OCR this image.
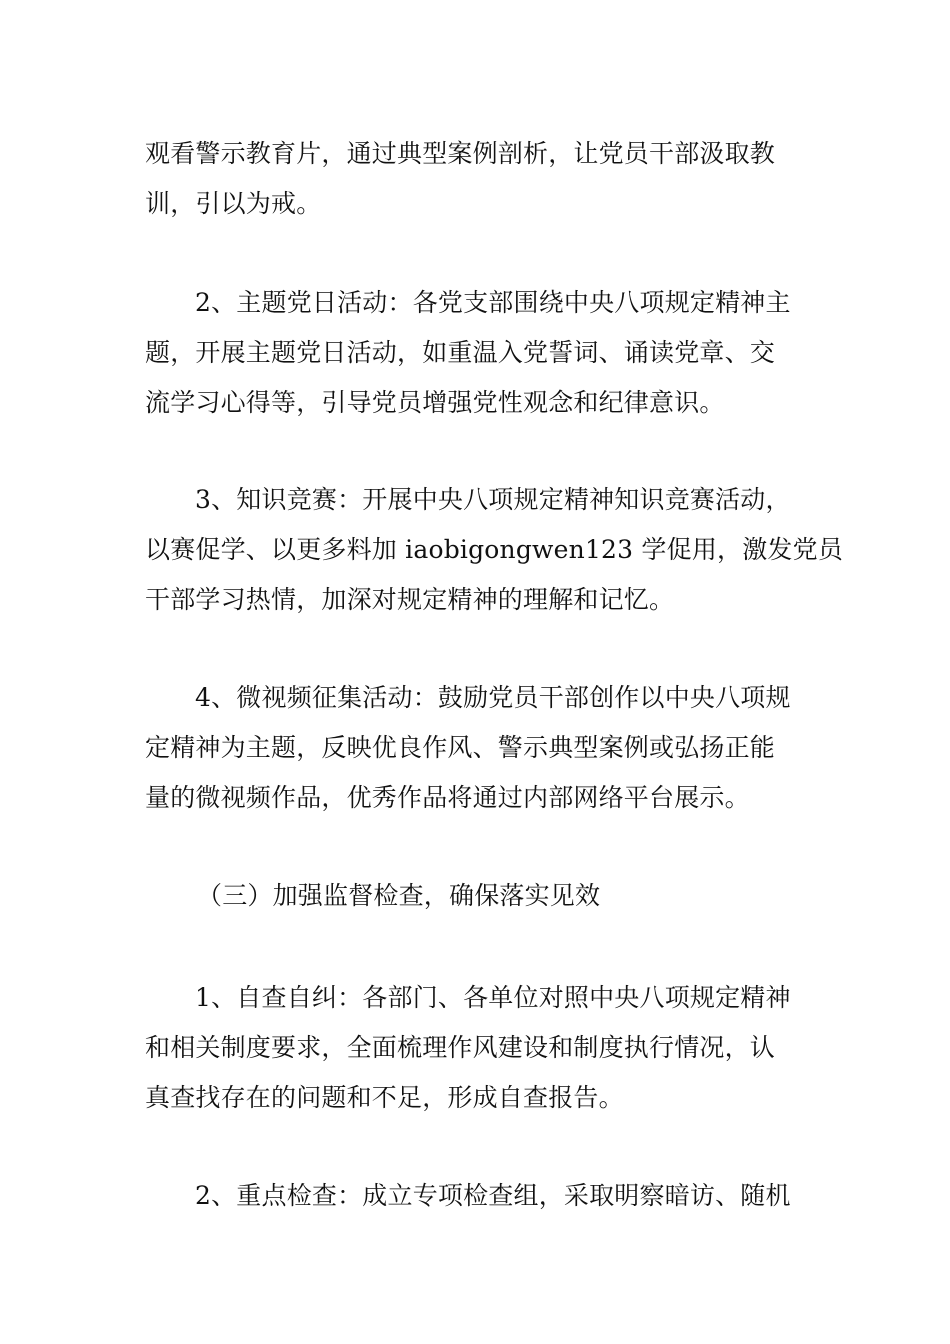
观看警示教育片，通过典型案例剖析，让党员干部汲取教
训，引以为戒。
2、主题党日活动：各党支部围绕中央八项规定精神主
题，开展主题党日活动，如重温入党誓词、诵读党章、交
流学习心得等，引导党员增强党性观念和纪律意识。
3、知识竞赛：开展中央八项规定精神知识竞赛活动，
以赛促学、以更多料加 iaobigongwen123 学促用，激发党员
干部学习热情，加深对规定精神的理解和记忆。
4、微视频征集活动：鼓励党员干部创作以中央八项规
定精神为主题，反映优良作风、警示典型案例或弘扬正能
量的微视频作品，优秀作品将通过内部网络平台展示。
（三）加强监督检查，确保落实见效
1、自查自纠：各部门、各单位对照中央八项规定精神
和相关制度要求，全面梳理作风建设和制度执行情况，认
真查找存在的问题和不足，形成自查报告。
2、重点检查：成立专项检查组，采取明察暗访、随机
